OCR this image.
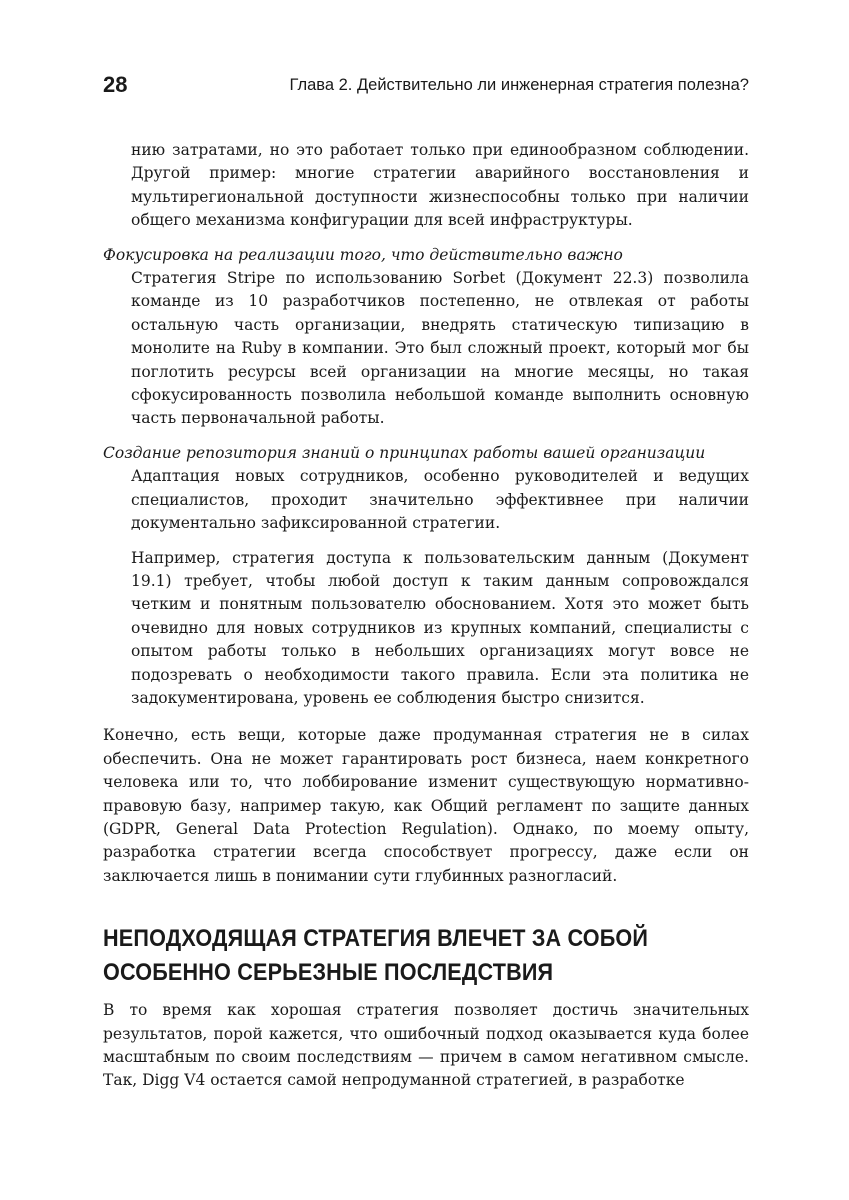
28	Глава 2. Действительно ли инженерная стратегия полезна?

нию затратами, но это работает только при единообразном соблюдении. Другой пример: многие стратегии аварийного восстановления и мультирегиональной доступности жизнеспособны только при наличии общего механизма конфигурации для всей инфраструктуры.

Фокусировка на реализации того, что действительно важно

Стратегия Stripe по использованию Sorbet (Документ 22.3) позволила команде из 10 разработчиков постепенно, не отвлекая от работы остальную часть организации, внедрять статическую типизацию в монолите на Ruby в компании. Это был сложный проект, который мог бы поглотить ресурсы всей организации на многие месяцы, но такая сфокусированность позволила небольшой команде выполнить основную часть первоначальной работы.

Создание репозитория знаний о принципах работы вашей организации

Адаптация новых сотрудников, особенно руководителей и ведущих специалистов, проходит значительно эффективнее при наличии документально зафиксированной стратегии.

Например, стратегия доступа к пользовательским данным (Документ 19.1) требует, чтобы любой доступ к таким данным сопровождался четким и понятным пользователю обоснованием. Хотя это может быть очевидно для новых сотрудников из крупных компаний, специалисты с опытом работы только в небольших организациях могут вовсе не подозревать о необходимости такого правила. Если эта политика не задокументирована, уровень ее соблюдения быстро снизится.

Конечно, есть вещи, которые даже продуманная стратегия не в силах обеспечить. Она не может гарантировать рост бизнеса, наем конкретного человека или то, что лоббирование изменит существующую нормативно-правовую базу, например такую, как Общий регламент по защите данных (GDPR, General Data Protection Regulation). Однако, по моему опыту, разработка стратегии всегда способствует прогрессу, даже если он заключается лишь в понимании сути глубинных разногласий.

НЕПОДХОДЯЩАЯ СТРАТЕГИЯ ВЛЕЧЕТ ЗА СОБОЙ ОСОБЕННО СЕРЬЕЗНЫЕ ПОСЛЕДСТВИЯ

В то время как хорошая стратегия позволяет достичь значительных результатов, порой кажется, что ошибочный подход оказывается куда более масштабным по своим последствиям — причем в самом негативном смысле. Так, Digg V4 остается самой непродуманной стратегией, в разработке
